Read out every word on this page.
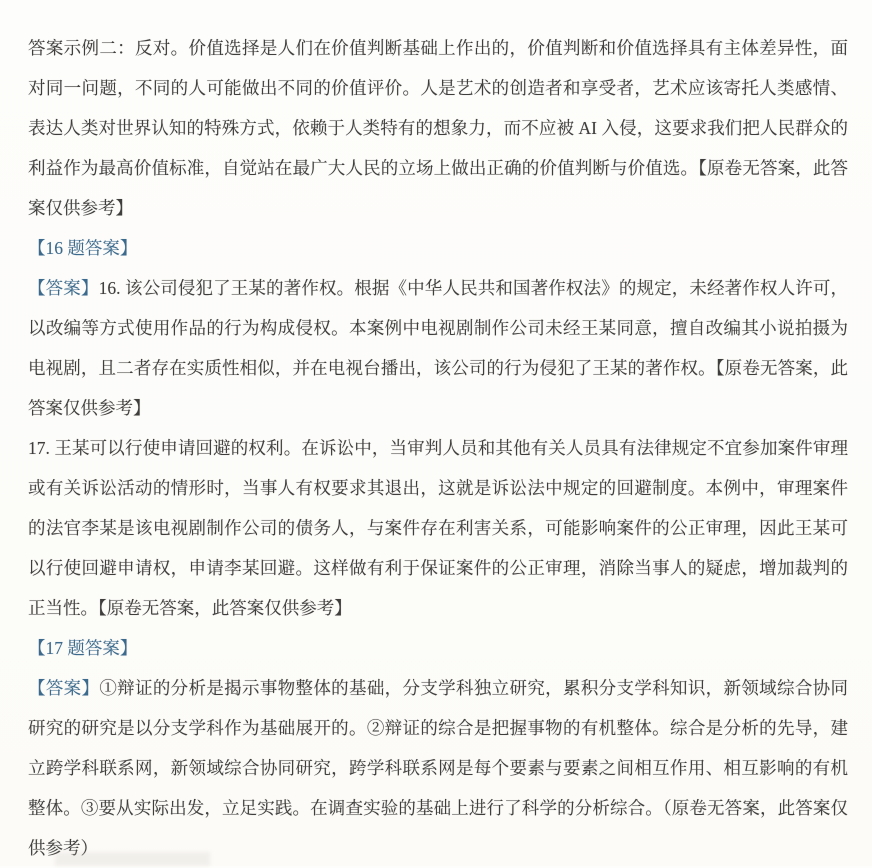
答案示例二：反对。价值选择是人们在价值判断基础上作出的，价值判断和价值选择具有主体差异性，面
对同一问题，不同的人可能做出不同的价值评价。人是艺术的创造者和享受者，艺术应该寄托人类感情、
表达人类对世界认知的特殊方式，依赖于人类特有的想象力，而不应被 AI 入侵，这要求我们把人民群众的
利益作为最高价值标准，自觉站在最广大人民的立场上做出正确的价值判断与价值选。【原卷无答案，此答
案仅供参考】
【16 题答案】
【答案】16. 该公司侵犯了王某的著作权。根据《中华人民共和国著作权法》的规定，未经著作权人许可，
以改编等方式使用作品的行为构成侵权。本案例中电视剧制作公司未经王某同意，擅自改编其小说拍摄为
电视剧，且二者存在实质性相似，并在电视台播出，该公司的行为侵犯了王某的著作权。【原卷无答案，此
答案仅供参考】
17. 王某可以行使申请回避的权利。在诉讼中，当审判人员和其他有关人员具有法律规定不宜参加案件审理
或有关诉讼活动的情形时，当事人有权要求其退出，这就是诉讼法中规定的回避制度。本例中，审理案件
的法官李某是该电视剧制作公司的债务人，与案件存在利害关系，可能影响案件的公正审理，因此王某可
以行使回避申请权，申请李某回避。这样做有利于保证案件的公正审理，消除当事人的疑虑，增加裁判的
正当性。【原卷无答案，此答案仅供参考】
【17 题答案】
【答案】①辩证的分析是揭示事物整体的基础，分支学科独立研究，累积分支学科知识，新领域综合协同
研究的研究是以分支学科作为基础展开的。②辩证的综合是把握事物的有机整体。综合是分析的先导，建
立跨学科联系网，新领域综合协同研究，跨学科联系网是每个要素与要素之间相互作用、相互影响的有机
整体。③要从实际出发，立足实践。在调查实验的基础上进行了科学的分析综合。（原卷无答案，此答案仅
供参考）
